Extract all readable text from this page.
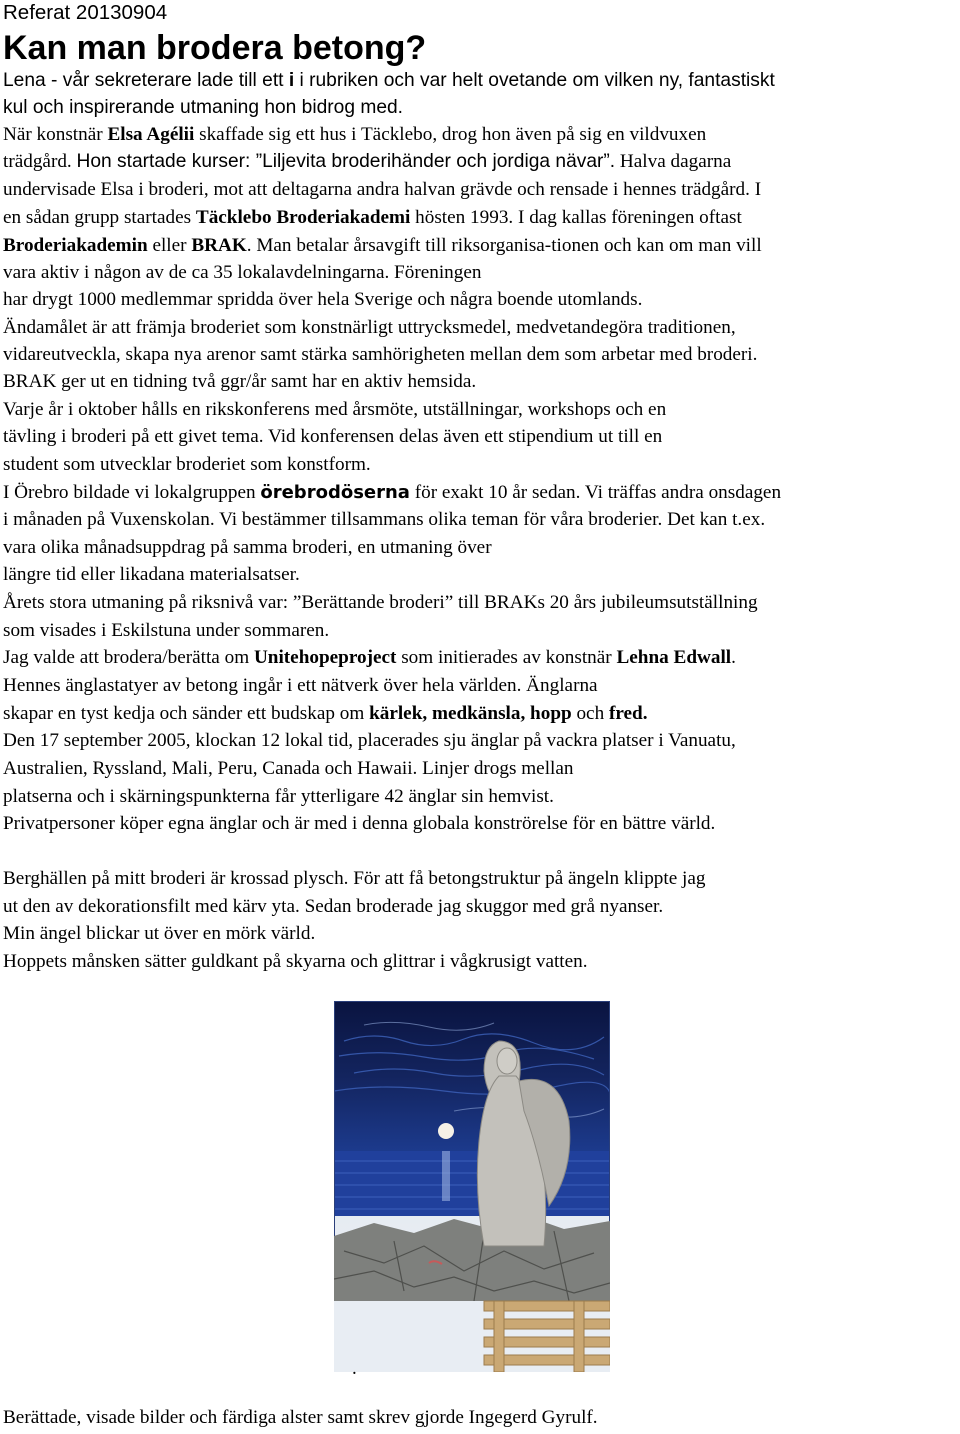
Referat 20130904
Kan man brodera betong?
Lena - vår sekreterare lade till ett i i rubriken och var helt ovetande om vilken ny, fantastiskt
kul och inspirerande utmaning hon bidrog med.
När konstnär Elsa Agélii skaffade sig ett hus i Täcklebo, drog hon även på sig en vildvuxen
trädgård. Hon startade kurser: ”Liljevita broderihänder och jordiga nävar”. Halva dagarna
undervisade Elsa i broderi, mot att deltagarna andra halvan grävde och rensade i hennes trädgård. I
en sådan grupp startades Täcklebo Broderiakademi hösten 1993. I dag kallas föreningen oftast
Broderiakademin eller BRAK. Man betalar årsavgift till riksorganisa-tionen och kan om man vill
vara aktiv i någon av de ca 35 lokalavdelningarna. Föreningen
har drygt 1000 medlemmar spridda över hela Sverige och några boende utomlands.
Ändamålet är att främja broderiet som konstnärligt uttrycksmedel, medvetandegöra traditionen,
vidareutveckla, skapa nya arenor samt stärka samhörigheten mellan dem som arbetar med broderi.
BRAK ger ut en tidning två ggr/år samt har en aktiv hemsida.
Varje år i oktober hålls en rikskonferens med årsmöte, utställningar, workshops och en
tävling i broderi på ett givet tema. Vid konferensen delas även ett stipendium ut till en
student som utvecklar broderiet som konstform.
I Örebro bildade vi lokalgruppen örebrodöserna för exakt 10 år sedan. Vi träffas andra onsdagen
i månaden på Vuxenskolan. Vi bestämmer tillsammans olika teman för våra broderier. Det kan t.ex.
vara olika månadsuppdrag på samma broderi, en utmaning över
längre tid eller likadana materialsatser.
Årets stora utmaning på riksnivå var: ”Berättande broderi” till BRAKs 20 års jubileumsutställning
som visades i Eskilstuna under sommaren.
Jag valde att brodera/berätta om Unitehopeproject som initierades av konstnär Lehna Edwall.
Hennes änglastatyer av betong ingår i ett nätverk över hela världen. Änglarna
skapar en tyst kedja och sänder ett budskap om kärlek, medkänsla, hopp och fred.
Den 17 september 2005, klockan 12 lokal tid, placerades sju änglar på vackra platser i Vanuatu,
Australien, Ryssland, Mali, Peru, Canada och Hawaii. Linjer drogs mellan
platserna och i skärningspunkterna får ytterligare 42 änglar sin hemvist.
Privatpersoner köper egna änglar och är med i denna globala konströrelse för en bättre värld.
Berghällen på mitt broderi är krossad plysch. För att få betongstruktur på ängeln klippte jag
ut den av dekorationsfilt med kärv yta. Sedan broderade jag skuggor med grå nyanser.
Min ängel blickar ut över en mörk värld.
Hoppets månsken sätter guldkant på skyarna och glittrar i vågkrusigt vatten.
.
Berättade, visade bilder och färdiga alster samt skrev gjorde Ingegerd Gyrulf.
